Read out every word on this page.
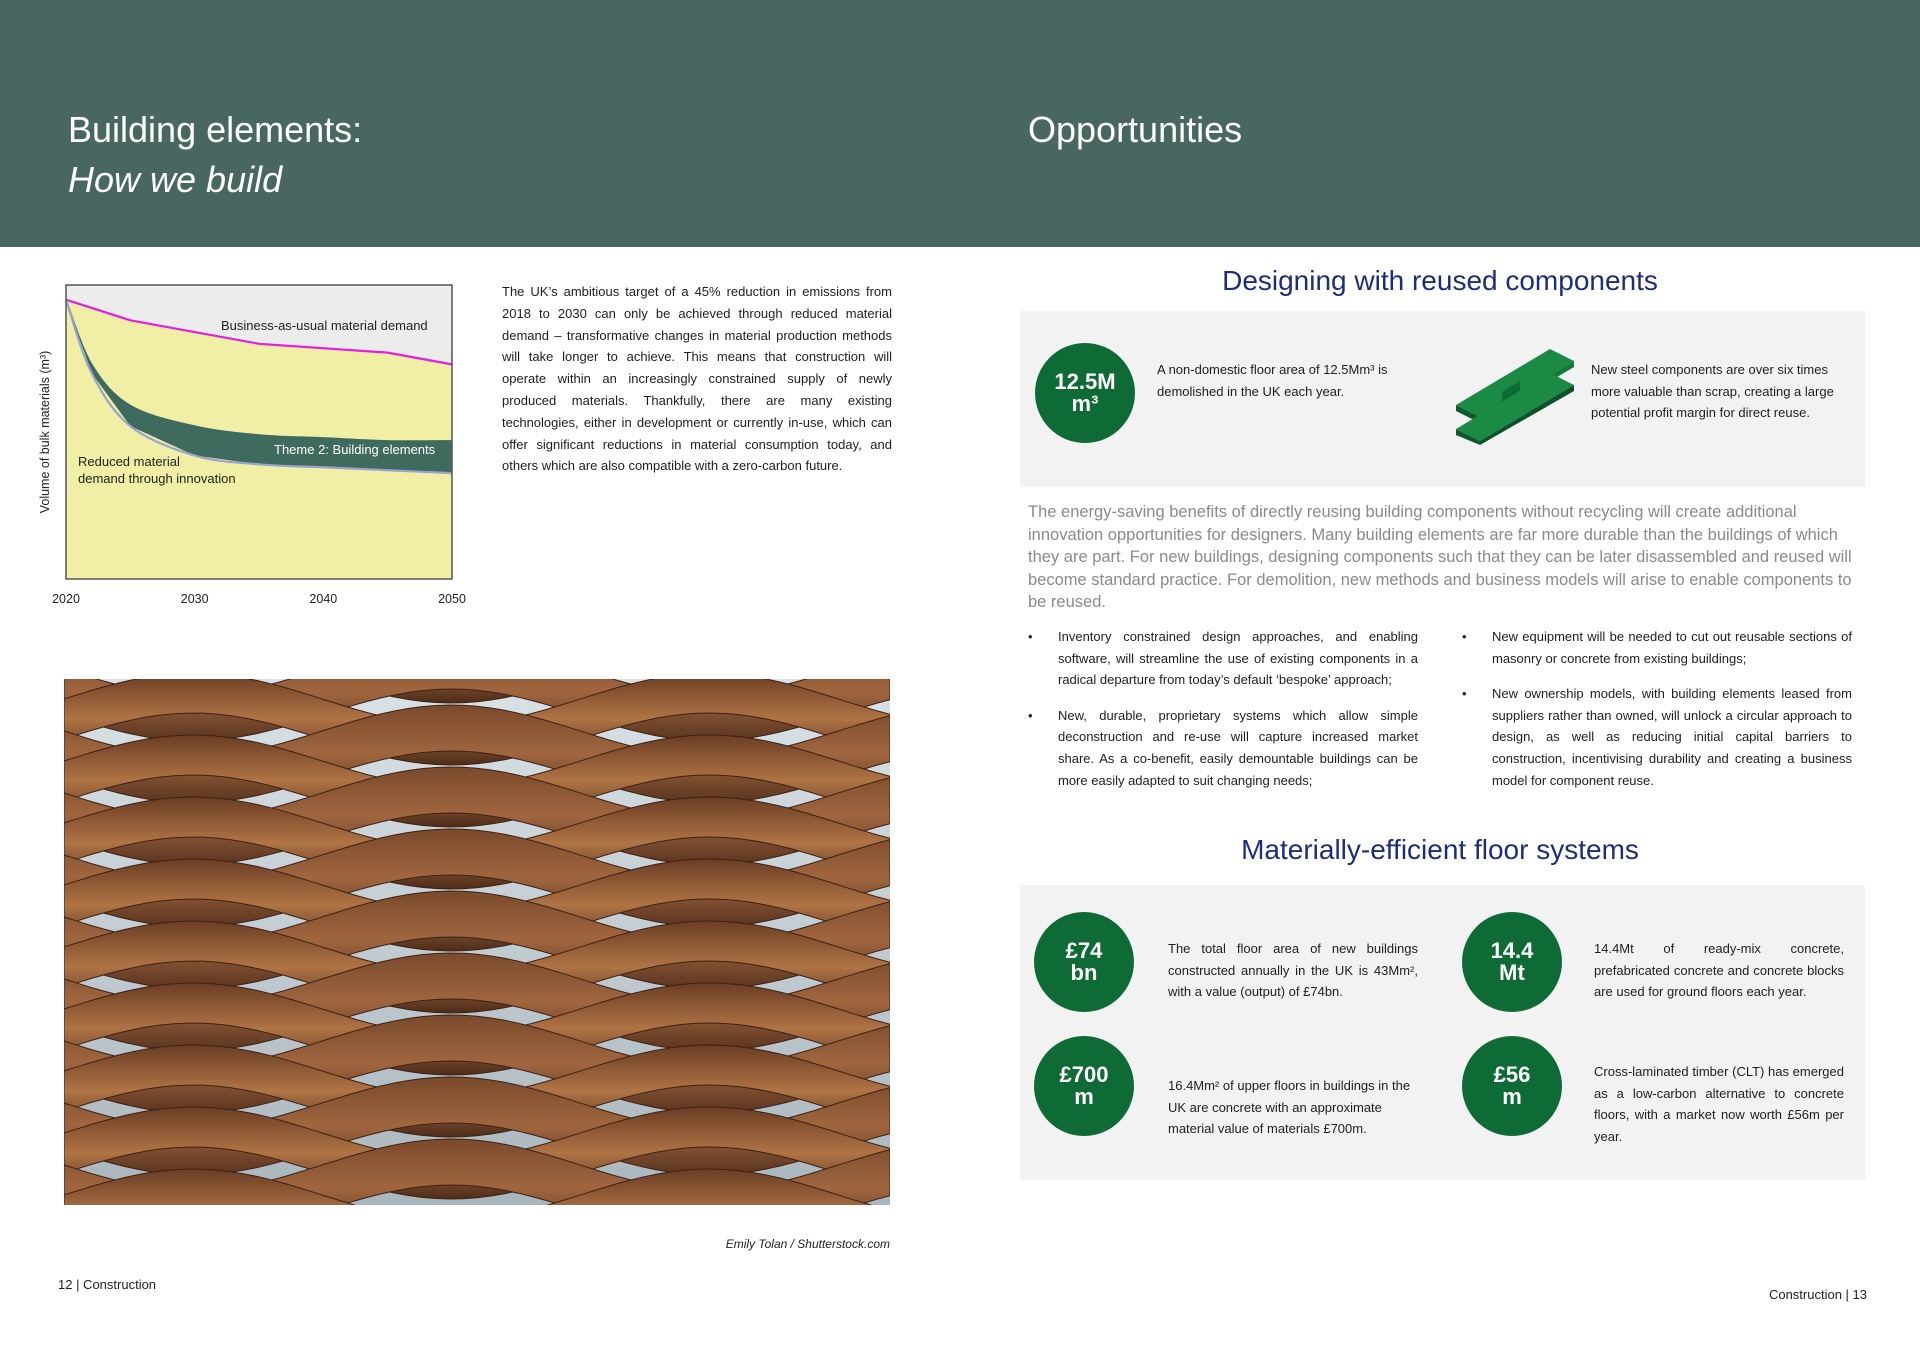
Building elements:
How we build
Opportunities
Business-as-usual material demand
Theme 2: Building elements
Reduced material demand through innovation
Volume of bulk materials (m³)
2020	2030	2040	2050
The UK’s ambitious target of a 45% reduction in emissions from 2018 to 2030 can only be achieved through reduced material demand – transformative changes in material production methods will take longer to achieve. This means that construction will operate within an increasingly constrained supply of newly produced materials. Thankfully, there are many existing technologies, either in development or currently in-use, which can offer significant reductions in material consumption today, and others which are also compatible with a zero-carbon future.
Emily Tolan / Shutterstock.com
12 | Construction
Designing with reused components
12.5M
m³
A non-domestic floor area of 12.5Mm³ is demolished in the UK each year.
New steel components are over six times more valuable than scrap, creating a large potential profit margin for direct reuse.
The energy-saving benefits of directly reusing building components without recycling will create additional innovation opportunities for designers. Many building elements are far more durable than the buildings of which they are part. For new buildings, designing components such that they can be later disassembled and reused will become standard practice. For demolition, new methods and business models will arise to enable components to be reused.
• Inventory constrained design approaches, and enabling software, will streamline the use of existing components in a radical departure from today’s default ‘bespoke’ approach;
• New, durable, proprietary systems which allow simple deconstruction and re-use will capture increased market share. As a co-benefit, easily demountable buildings can be more easily adapted to suit changing needs;
• New equipment will be needed to cut out reusable sections of masonry or concrete from existing buildings;
• New ownership models, with building elements leased from suppliers rather than owned, will unlock a circular approach to design, as well as reducing initial capital barriers to construction, incentivising durability and creating a business model for component reuse.
Materially-efficient floor systems
£74
bn
The total floor area of new buildings constructed annually in the UK is 43Mm², with a value (output) of £74bn.
14.4
Mt
14.4Mt of ready-mix concrete, prefabricated concrete and concrete blocks are used for ground floors each year.
£700
m	16.4Mm² of upper floors in buildings in the UK are concrete with an approximate material value of materials £700m.
£56
m
Cross-laminated timber (CLT) has emerged as a low-carbon alternative to concrete floors, with a market now worth £56m per year.
Construction | 13
